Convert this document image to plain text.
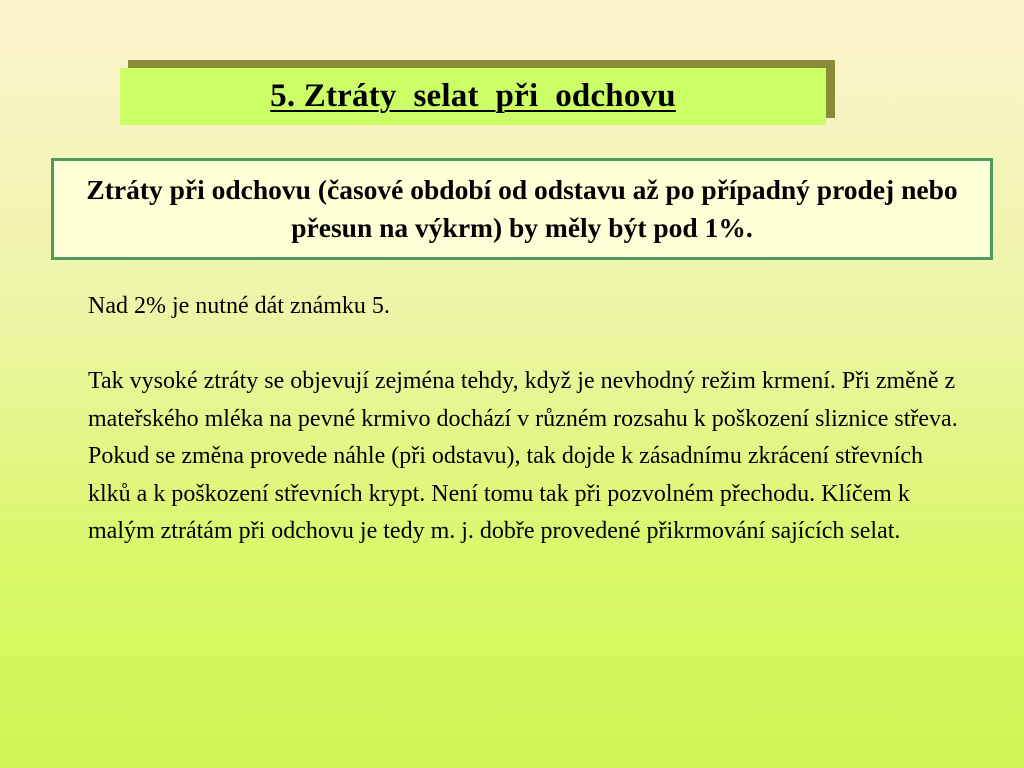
5. Ztráty  selat  při  odchovu
Ztráty při odchovu (časové období od odstavu až po případný prodej nebo přesun na výkrm) by měly být pod 1%.

Nad 2% je nutné dát známku 5.

Tak vysoké ztráty se objevují zejména tehdy, když je nevhodný režim krmení. Při změně z mateřského mléka na pevné krmivo dochází v různém rozsahu k poškození sliznice střeva. Pokud se změna provede náhle (při odstavu), tak dojde k zásadnímu zkrácení střevních klků a k poškození střevních krypt. Není tomu tak při pozvolném přechodu. Klíčem k malým ztrátám při odchovu je tedy m. j. dobře provedené přikrmování sajících selat.
